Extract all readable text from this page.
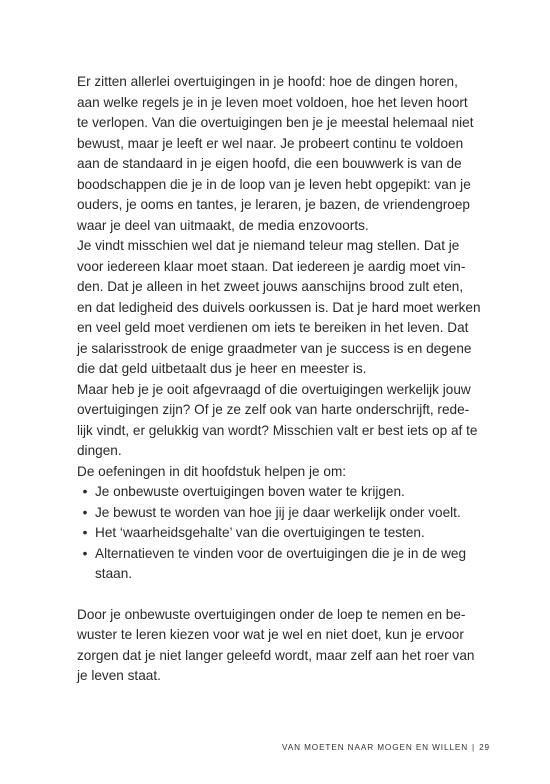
Er zitten allerlei overtuigingen in je hoofd: hoe de dingen horen,
aan welke regels je in je leven moet voldoen, hoe het leven hoort
te verlopen. Van die overtuigingen ben je je meestal helemaal niet
bewust, maar je leeft er wel naar. Je probeert continu te voldoen
aan de standaard in je eigen hoofd, die een bouwwerk is van de
boodschappen die je in de loop van je leven hebt opgepikt: van je
ouders, je ooms en tantes, je leraren, je bazen, de vriendengroep
waar je deel van uitmaakt, de media enzovoorts.
Je vindt misschien wel dat je niemand teleur mag stellen. Dat je
voor iedereen klaar moet staan. Dat iedereen je aardig moet vin-
den. Dat je alleen in het zweet jouws aanschijns brood zult eten,
en dat ledigheid des duivels oorkussen is. Dat je hard moet werken
en veel geld moet verdienen om iets te bereiken in het leven. Dat
je salarisstrook de enige graadmeter van je success is en degene
die dat geld uitbetaalt dus je heer en meester is.
Maar heb je je ooit afgevraagd of die overtuigingen werkelijk jouw
overtuigingen zijn? Of je ze zelf ook van harte onderschrijft, rede-
lijk vindt, er gelukkig van wordt? Misschien valt er best iets op af te
dingen.
De oefeningen in dit hoofdstuk helpen je om:
• Je onbewuste overtuigingen boven water te krijgen.
• Je bewust te worden van hoe jij je daar werkelijk onder voelt.
• Het ‘waarheidsgehalte’ van die overtuigingen te testen.
• Alternatieven te vinden voor de overtuigingen die je in de weg
staan.
Door je onbewuste overtuigingen onder de loep te nemen en be-
wuster te leren kiezen voor wat je wel en niet doet, kun je ervoor
zorgen dat je niet langer geleefd wordt, maar zelf aan het roer van
je leven staat.
VAN MOETEN NAAR MOGEN EN WILLEN | 29
